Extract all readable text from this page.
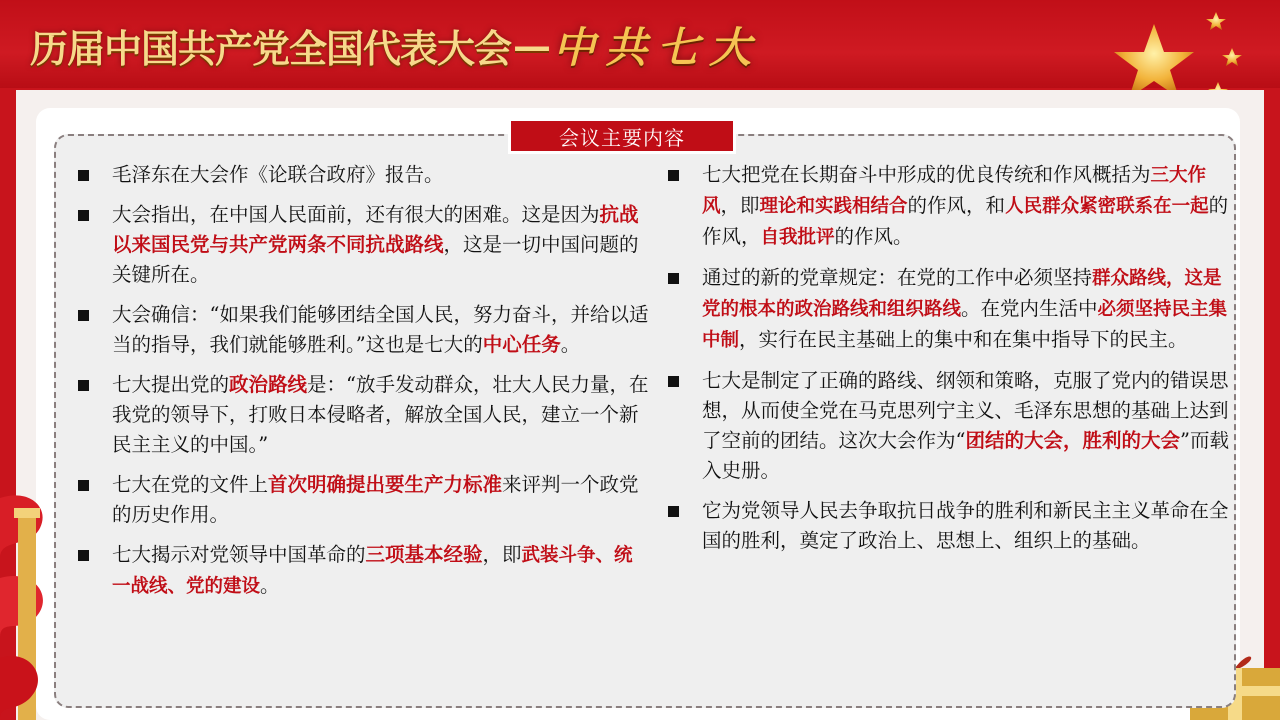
历届中国共产党全国代表大会 — 中共七大
会议主要内容
毛泽东在大会作《论联合政府》报告。
大会指出，在中国人民面前，还有很大的困难。这是因为抗战以来国民党与共产党两条不同抗战路线，这是一切中国问题的关键所在。
大会确信：“如果我们能够团结全国人民，努力奋斗，并给以适当的指导，我们就能够胜利。”这也是七大的中心任务。
七大提出党的政治路线是：“放手发动群众，壮大人民力量，在我党的领导下，打败日本侵略者，解放全国人民，建立一个新民主主义的中国。”
七大在党的文件上首次明确提出要生产力标准来评判一个政党的历史作用。
七大揭示对党领导中国革命的三项基本经验，即武装斗争、统一战线、党的建设。
七大把党在长期奋斗中形成的优良传统和作风概括为三大作风，即理论和实践相结合的作风，和人民群众紧密联系在一起的作风，自我批评的作风。
通过的新的党章规定：在党的工作中必须坚持群众路线，这是党的根本的政治路线和组织路线。在党内生活中必须坚持民主集中制，实行在民主基础上的集中和在集中指导下的民主。
七大是制定了正确的路线、纲领和策略，克服了党内的错误思想，从而使全党在马克思列宁主义、毛泽东思想的基础上达到了空前的团结。这次大会作为“团结的大会，胜利的大会”而载入史册。
它为党领导人民去争取抗日战争的胜利和新民主主义革命在全国的胜利，奠定了政治上、思想上、组织上的基础。
